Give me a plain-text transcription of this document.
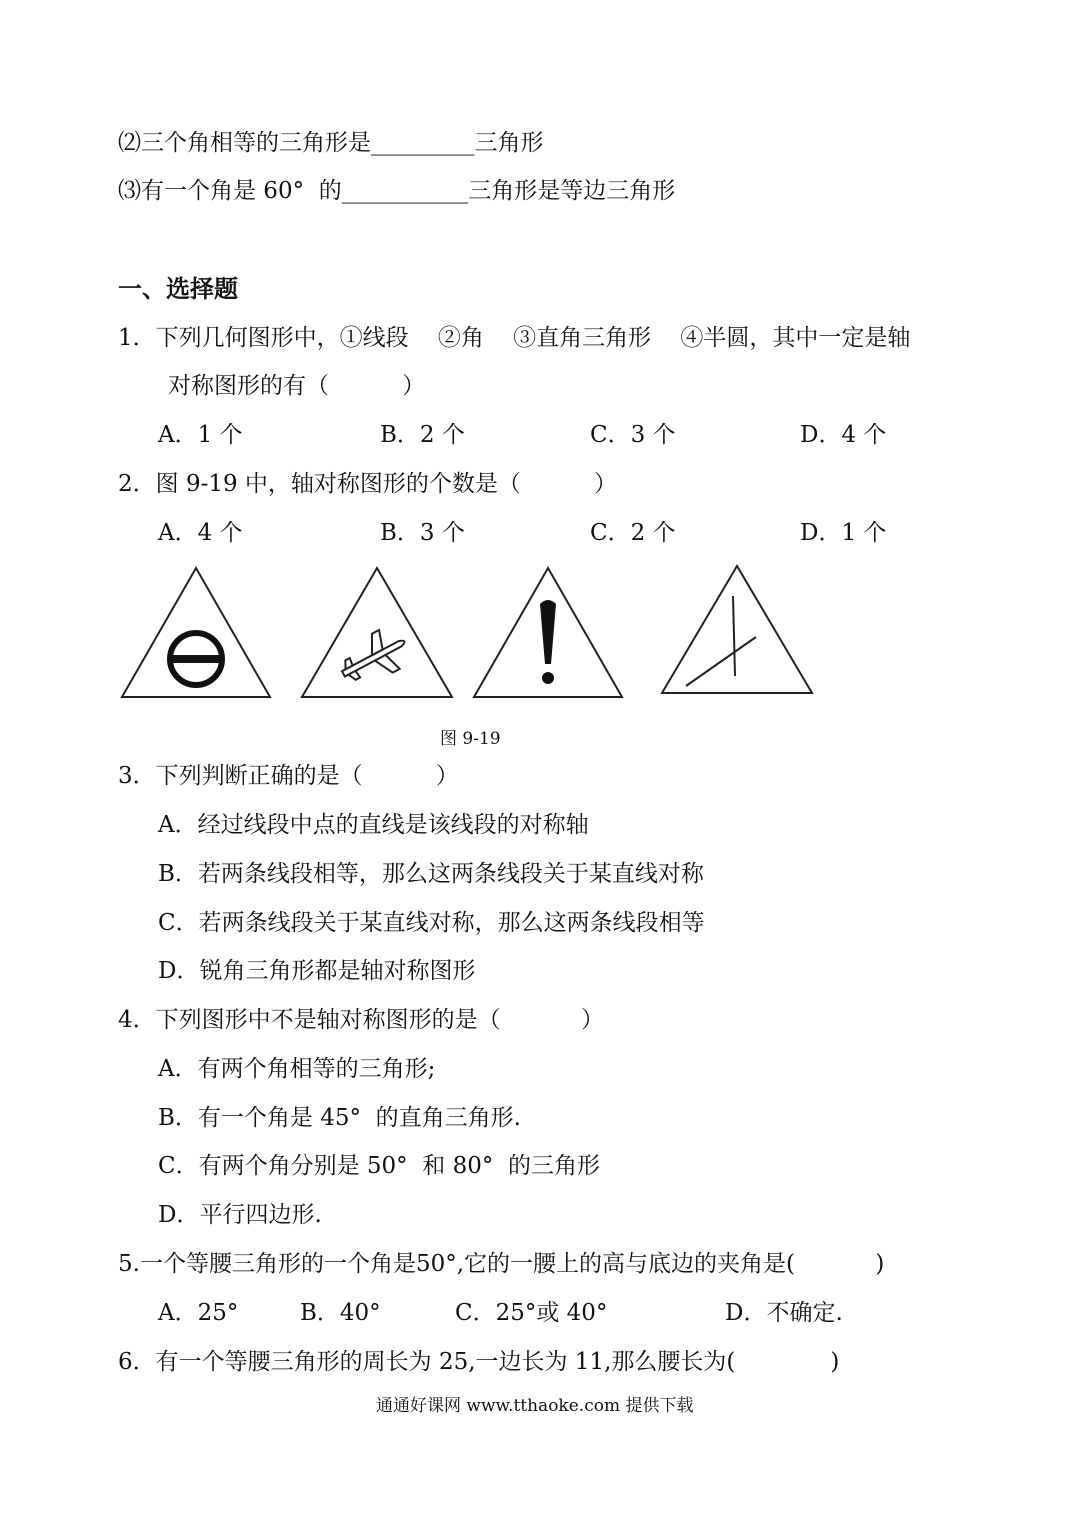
⑵三个角相等的三角形是_________三角形
⑶有一个角是 60°  的___________三角形是等边三角形
一、选择题
1．下列几何图形中，①线段    ②角    ③直角三角形    ④半圆，其中一定是轴
对称图形的有（          ）
A．1 个	B．2 个	C．3 个	D．4 个
2．图 9-19 中，轴对称图形的个数是（          ）
A．4 个	B．3 个	C．2 个	D．1 个
图 9-19
3．下列判断正确的是（          ）
A．经过线段中点的直线是该线段的对称轴
B．若两条线段相等，那么这两条线段关于某直线对称
C．若两条线段关于某直线对称，那么这两条线段相等
D．锐角三角形都是轴对称图形
4．下列图形中不是轴对称图形的是（           ）
A．有两个角相等的三角形;
B．有一个角是 45°  的直角三角形.
C．有两个角分别是 50°  和 80°  的三角形
D．平行四边形.
5.一个等腰三角形的一个角是50°,它的一腰上的高与底边的夹角是(           )
A．25°	B．40°	C．25°或 40°	D．不确定.
6．有一个等腰三角形的周长为 25,一边长为 11,那么腰长为(             )
通通好课网 www.tthaoke.com 提供下载
